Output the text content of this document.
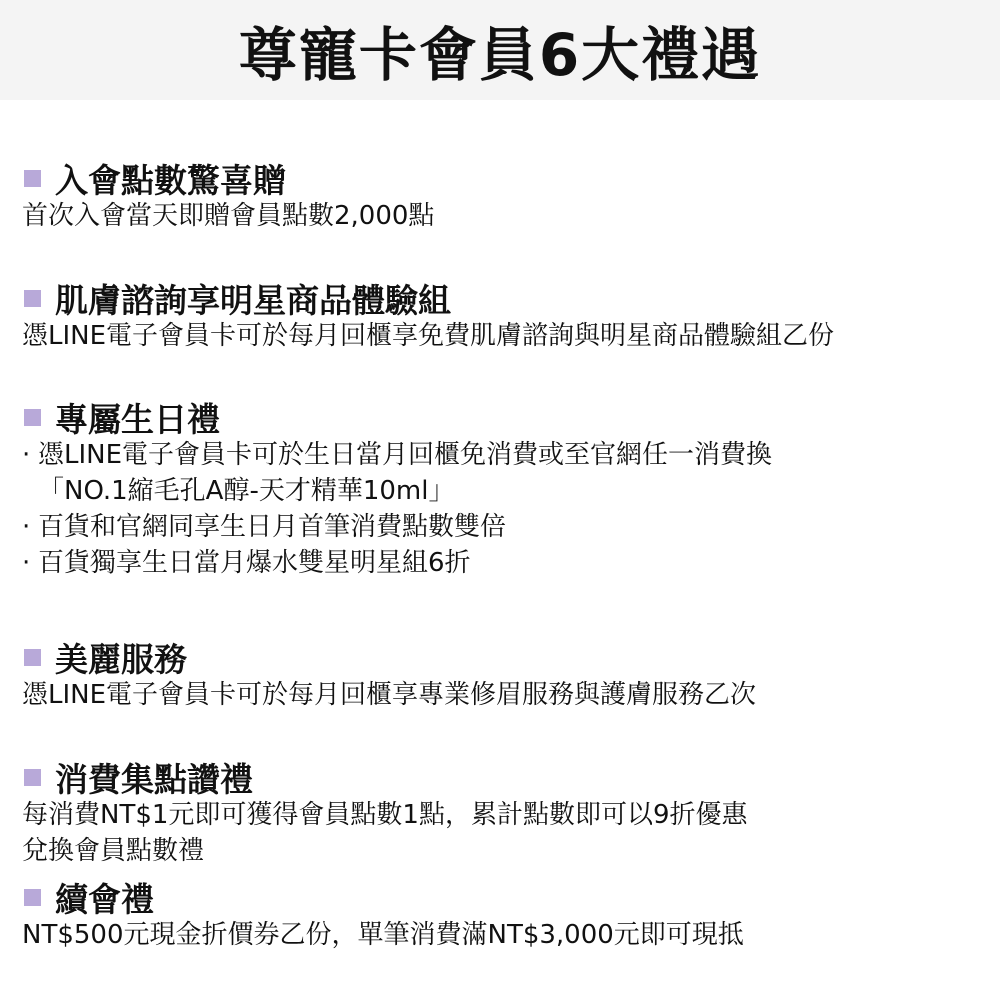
尊寵卡會員6大禮遇
入會點數驚喜贈
首次入會當天即贈會員點數2,000點
肌膚諮詢享明星商品體驗組
憑LINE電子會員卡可於每月回櫃享免費肌膚諮詢與明星商品體驗組乙份
專屬生日禮
· 憑LINE電子會員卡可於生日當月回櫃免消費或至官網任一消費換
「NO.1縮毛孔A醇-天才精華10ml」
· 百貨和官網同享生日月首筆消費點數雙倍
· 百貨獨享生日當月爆水雙星明星組6折
美麗服務
憑LINE電子會員卡可於每月回櫃享專業修眉服務與護膚服務乙次
消費集點讚禮
每消費NT$1元即可獲得會員點數1點，累計點數即可以9折優惠
兌換會員點數禮
續會禮
NT$500元現金折價券乙份，單筆消費滿NT$3,000元即可現抵
